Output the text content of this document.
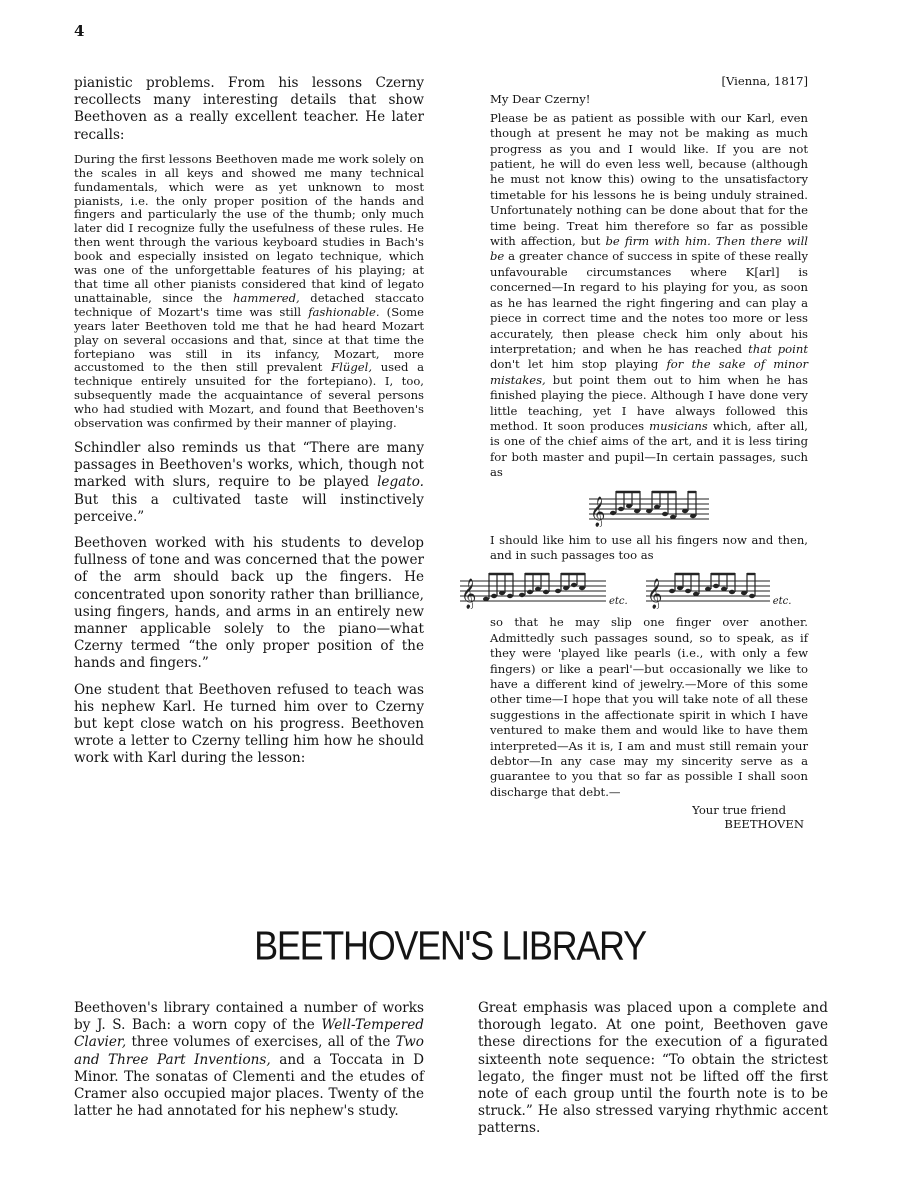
4

pianistic problems. From his lessons Czerny recollects many interesting details that show Beethoven as a really excellent teacher. He later recalls:

During the first lessons Beethoven made me work solely on the scales in all keys and showed me many technical fundamentals, which were as yet unknown to most pianists, i.e. the only proper position of the hands and fingers and particularly the use of the thumb; only much later did I recognize fully the usefulness of these rules. He then went through the various keyboard studies in Bach's book and especially insisted on legato technique, which was one of the unforgettable features of his playing; at that time all other pianists considered that kind of legato unattainable, since the hammered, detached staccato technique of Mozart's time was still fashionable. (Some years later Beethoven told me that he had heard Mozart play on several occasions and that, since at that time the fortepiano was still in its infancy, Mozart, more accustomed to the then still prevalent Flügel, used a technique entirely unsuited for the fortepiano). I, too, subsequently made the acquaintance of several persons who had studied with Mozart, and found that Beethoven's observation was confirmed by their manner of playing.

Schindler also reminds us that “There are many passages in Beethoven's works, which, though not marked with slurs, require to be played legato. But this a cultivated taste will instinctively perceive.”

Beethoven worked with his students to develop fullness of tone and was concerned that the power of the arm should back up the fingers. He concentrated upon sonority rather than brilliance, using fingers, hands, and arms in an entirely new manner applicable solely to the piano—what Czerny termed “the only proper position of the hands and fingers.”

One student that Beethoven refused to teach was his nephew Karl. He turned him over to Czerny but kept close watch on his progress. Beethoven wrote a letter to Czerny telling him how he should work with Karl during the lesson:

[Vienna, 1817]
My Dear Czerny!

Please be as patient as possible with our Karl, even though at present he may not be making as much progress as you and I would like. If you are not patient, he will do even less well, because (although he must not know this) owing to the unsatisfactory timetable for his lessons he is being unduly strained. Unfortunately nothing can be done about that for the time being. Treat him therefore so far as possible with affection, but be firm with him. Then there will be a greater chance of success in spite of these really unfavourable circumstances where K[arl] is concerned—In regard to his playing for you, as soon as he has learned the right fingering and can play a piece in correct time and the notes too more or less accurately, then please check him only about his interpretation; and when he has reached that point don't let him stop playing for the sake of minor mistakes, but point them out to him when he has finished playing the piece. Although I have done very little teaching, yet I have always followed this method. It soon produces musicians which, after all, is one of the chief aims of the art, and it is less tiring for both master and pupil—In certain passages, such as

𝄞

I should like him to use all his fingers now and then, and in such passages too as

𝄞	etc. 𝄞	etc.

so that he may slip one finger over another. Admittedly such passages sound, so to speak, as if they were 'played like pearls (i.e., with only a few fingers) or like a pearl'—but occasionally we like to have a different kind of jewelry.—More of this some other time—I hope that you will take note of all these suggestions in the affectionate spirit in which I have ventured to make them and would like to have them interpreted—As it is, I am and must still remain your debtor—In any case may my sincerity serve as a guarantee to you that so far as possible I shall soon discharge that debt.—

Your true friend
BEETHOVEN
BEETHOVEN'S LIBRARY

Beethoven's library contained a number of works by J. S. Bach: a worn copy of the Well-Tempered Clavier, three volumes of exercises, all of the Two and Three Part Inventions, and a Toccata in D Minor. The sonatas of Clementi and the etudes of Cramer also occupied major places. Twenty of the latter he had annotated for his nephew's study.

Great emphasis was placed upon a complete and thorough legato. At one point, Beethoven gave these directions for the execution of a figurated sixteenth note sequence: “To obtain the strictest legato, the finger must not be lifted off the first note of each group until the fourth note is to be struck.” He also stressed varying rhythmic accent patterns.
